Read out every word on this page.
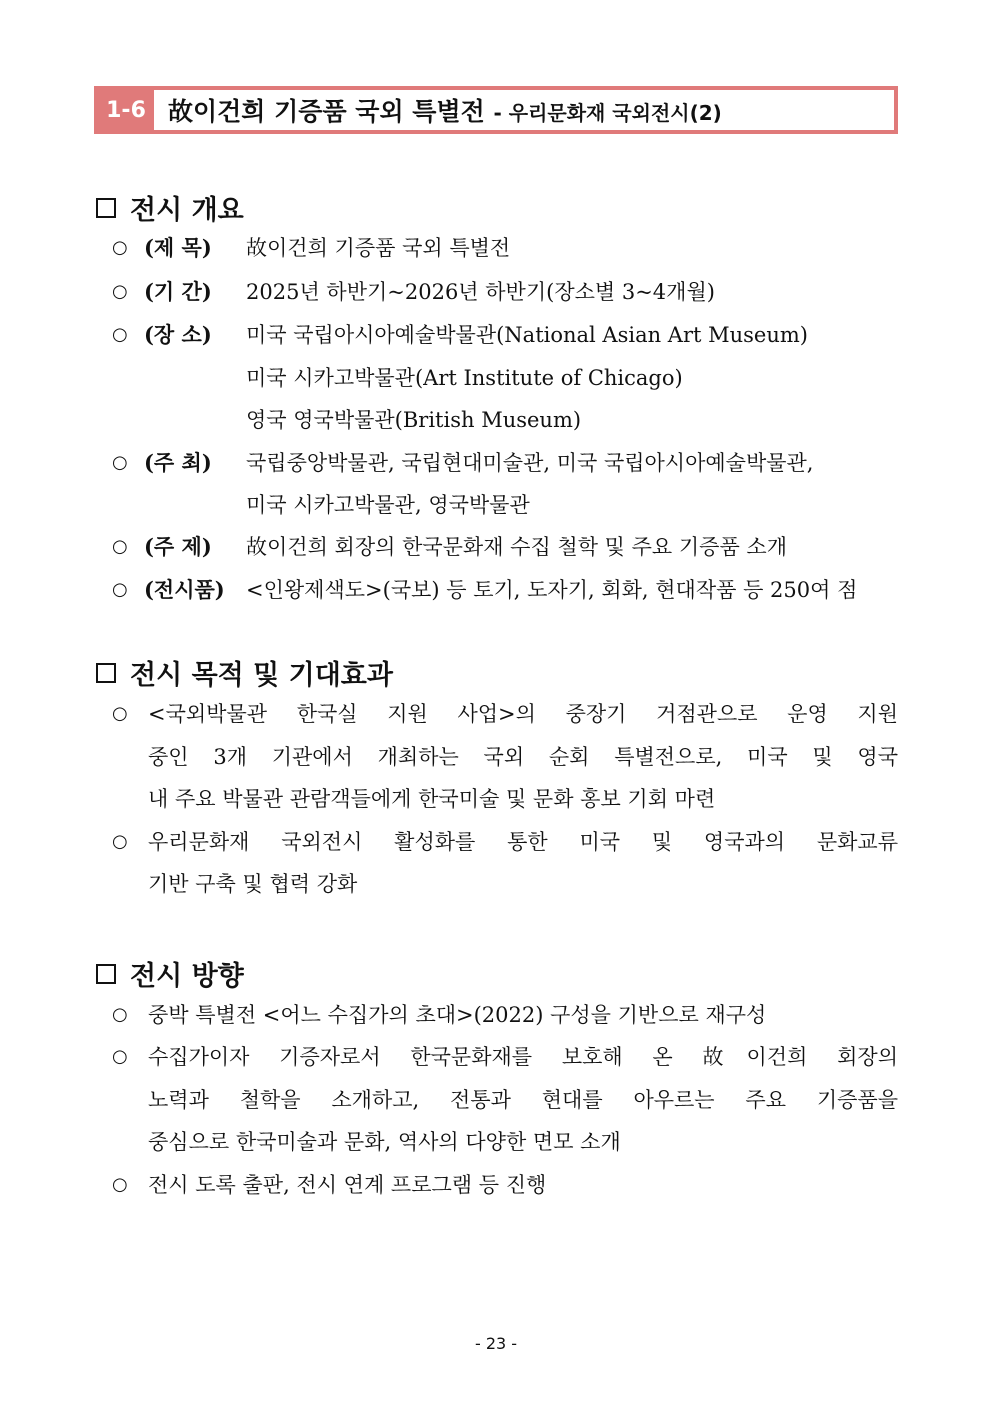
1-6 故이건희 기증품 국외 특별전 - 우리문화재 국외전시(2)
전시 개요
○ (제 목) 故이건희 기증품 국외 특별전
○ (기 간) 2025년 하반기~2026년 하반기(장소별 3~4개월)
○ (장 소) 미국 국립아시아예술박물관(National Asian Art Museum)
미국 시카고박물관(Art Institute of Chicago)
영국 영국박물관(British Museum)
○ (주 최) 국립중앙박물관, 국립현대미술관, 미국 국립아시아예술박물관,
미국 시카고박물관, 영국박물관
○ (주 제) 故이건희 회장의 한국문화재 수집 철학 및 주요 기증품 소개
○ (전시품) <인왕제색도>(국보) 등 토기, 도자기, 회화, 현대작품 등 250여 점
전시 목적 및 기대효과
○ <국외박물관 한국실 지원 사업>의 중장기 거점관으로 운영 지원
중인 3개 기관에서 개최하는 국외 순회 특별전으로, 미국 및 영국
내 주요 박물관 관람객들에게 한국미술 및 문화 홍보 기회 마련
○ 우리문화재 국외전시 활성화를 통한 미국 및 영국과의 문화교류
기반 구축 및 협력 강화
전시 방향
○ 중박 특별전 <어느 수집가의 초대>(2022) 구성을 기반으로 재구성
○ 수집가이자 기증자로서 한국문화재를 보호해 온 故이건희 회장의
노력과 철학을 소개하고, 전통과 현대를 아우르는 주요 기증품을
중심으로 한국미술과 문화, 역사의 다양한 면모 소개
○ 전시 도록 출판, 전시 연계 프로그램 등 진행
- 23 -
